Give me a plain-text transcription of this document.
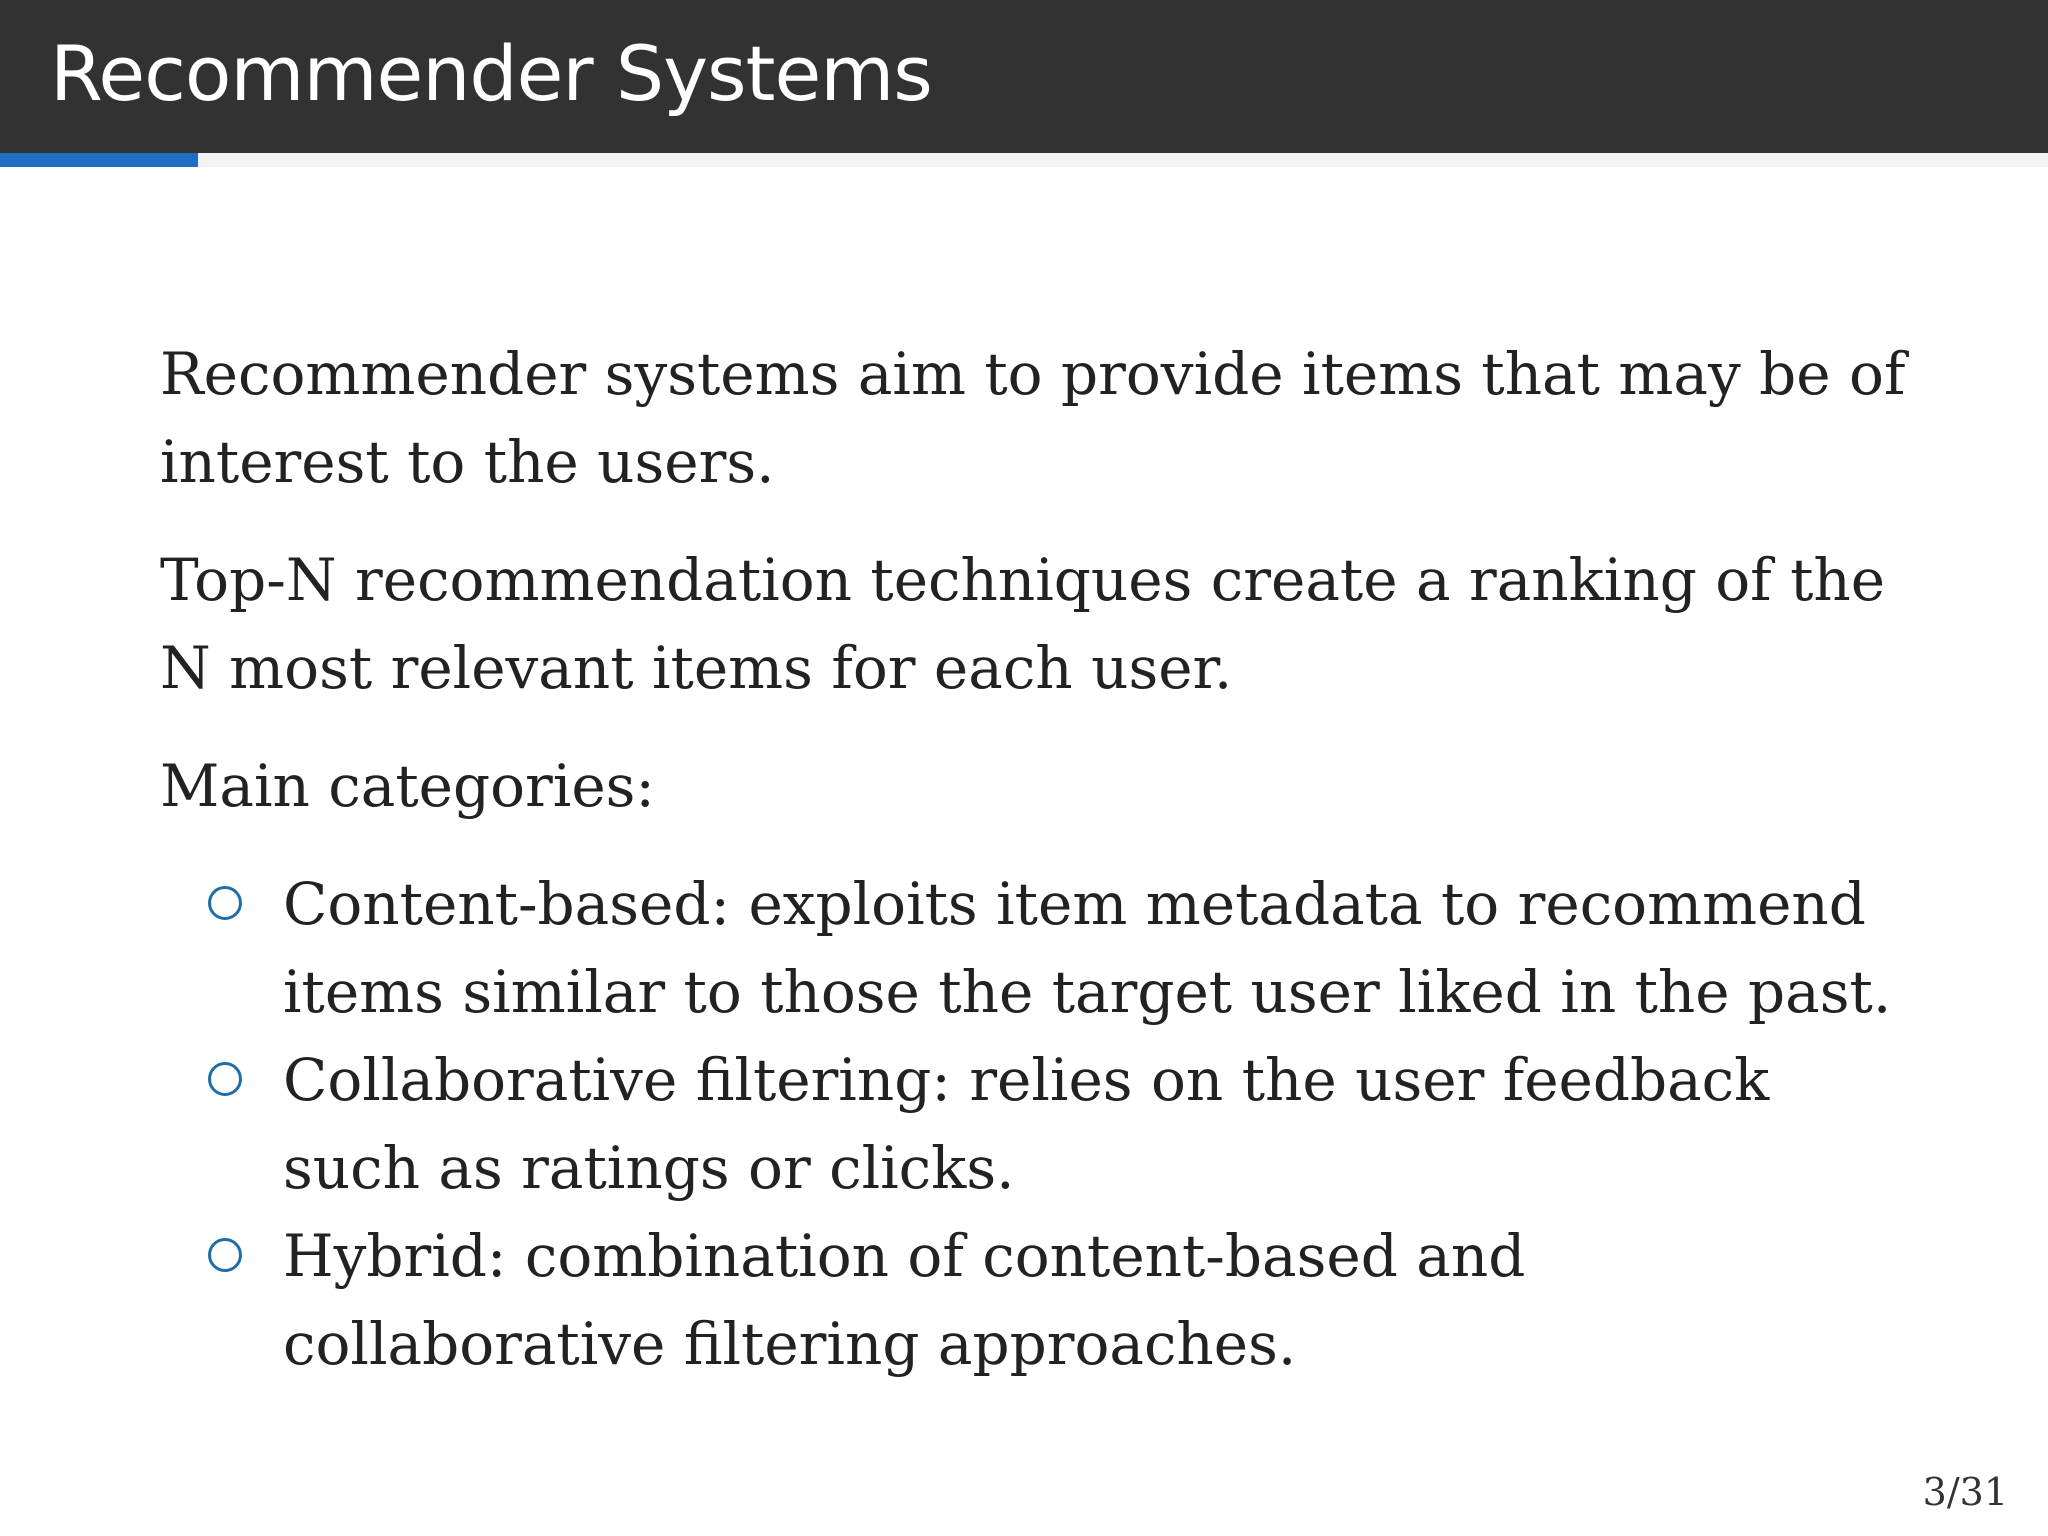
Recommender Systems

Recommender systems aim to provide items that may be of interest to the users.

Top-N recommendation techniques create a ranking of the N most relevant items for each user.

Main categories:

Content-based: exploits item metadata to recommend items similar to those the target user liked in the past.
Collaborative filtering: relies on the user feedback such as ratings or clicks.
Hybrid: combination of content-based and collaborative filtering approaches.
3/31
